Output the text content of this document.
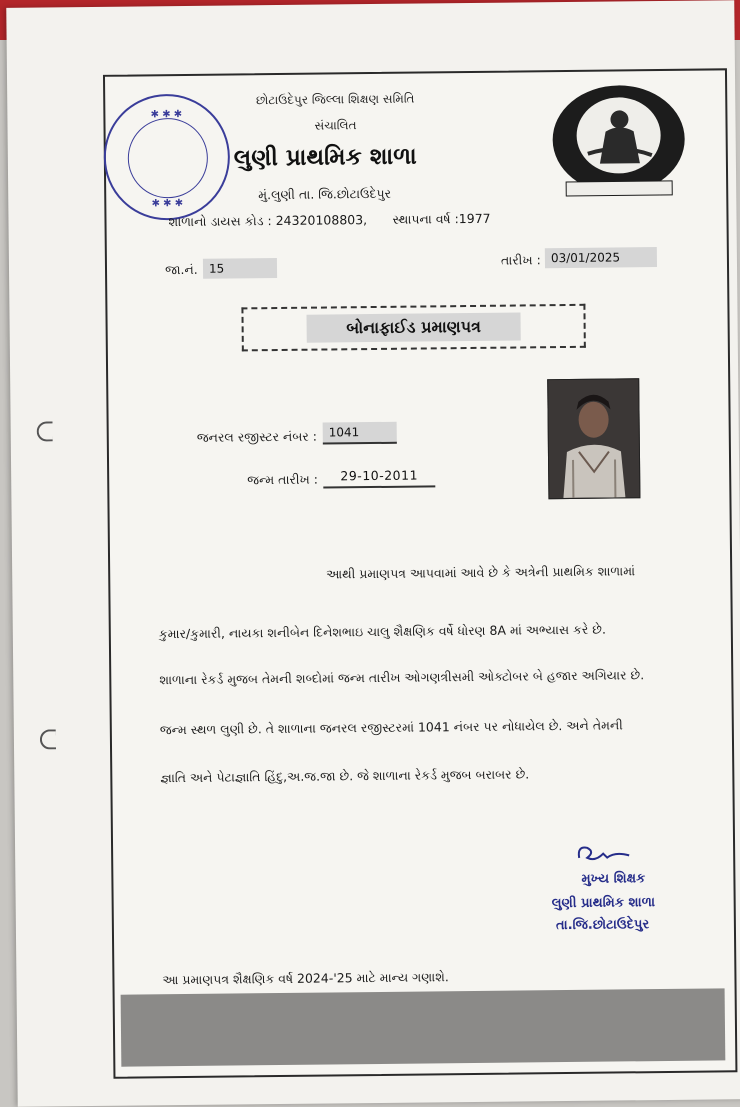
✱ ✱ ✱
✱ ✱ ✱
છોટાઉદેપુર જિલ્લા શિક્ષણ સમિતિ
સંચાલિત
લુણી પ્રાથમિક શાળા
મું.લુણી તા. જિ.છોટાઉદેપુર
શાળાનો ડાયસ કોડ : 24320108803, સ્થાપના વર્ષ :1977
જા.નં. 15
તારીખ : 03/01/2025
બોનાફાઈડ પ્રમાણપત્ર
જનરલ રજીસ્ટર નંબર : 1041
જન્મ તારીખ :	29-10-2011
આથી પ્રમાણપત્ર આપવામાં આવે છે કે અત્રેની પ્રાથમિક શાળામાં
કુમાર/કુમારી, નાયકા શનીબેન દિનેશભાઇ ચાલુ શૈક્ષણિક વર્ષે ધોરણ 8A માં અભ્યાસ કરે છે.
શાળાના રેકર્ડ મુજબ તેમની શબ્દોમાં જન્મ તારીખ ઓગણત્રીસમી ઓક્ટોબર બે હજાર અગિયાર છે.
જન્મ સ્થળ લુણી છે. તે શાળાના જનરલ રજીસ્ટરમાં 1041 નંબર પર નોધાયેલ છે. અને તેમની
જ્ઞાતિ અને પેટાજ્ઞાતિ હિંદુ,અ.જ.જા છે. જે શાળાના રેકર્ડ મુજબ બરાબર છે.
મુખ્ય શિક્ષક
લુણી પ્રાથમિક શાળા
તા.જિ.છોટાઉદેપુર
આ પ્રમાણપત્ર શૈક્ષણિક વર્ષ 2024-'25 માટે માન્ય ગણાશે.
